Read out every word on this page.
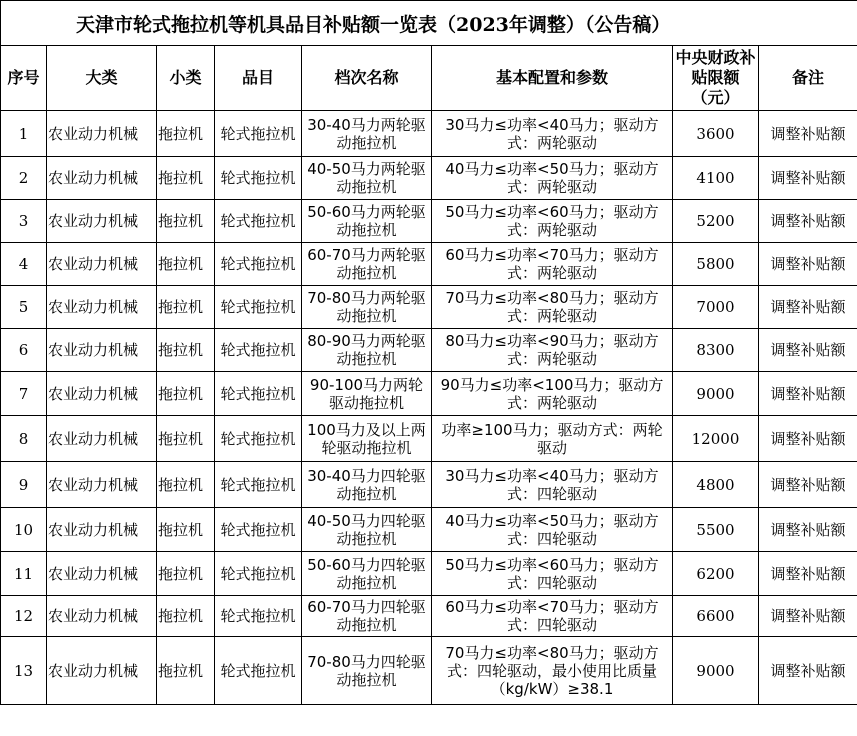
天津市轮式拖拉机等机具品目补贴额一览表（2023年调整）（公告稿）							
序号	大类	小类	品目	档次名称	基本配置和参数	中央财政补贴限额（元）	备注
1	农业动力机械	拖拉机	轮式拖拉机	30-40马力两轮驱动拖拉机	30马力≤功率<40马力；驱动方式：两轮驱动	3600	调整补贴额
2	农业动力机械	拖拉机	轮式拖拉机	40-50马力两轮驱动拖拉机	40马力≤功率<50马力；驱动方式：两轮驱动	4100	调整补贴额
3	农业动力机械	拖拉机	轮式拖拉机	50-60马力两轮驱动拖拉机	50马力≤功率<60马力；驱动方式：两轮驱动	5200	调整补贴额
4	农业动力机械	拖拉机	轮式拖拉机	60-70马力两轮驱动拖拉机	60马力≤功率<70马力；驱动方式：两轮驱动	5800	调整补贴额
5	农业动力机械	拖拉机	轮式拖拉机	70-80马力两轮驱动拖拉机	70马力≤功率<80马力；驱动方式：两轮驱动	7000	调整补贴额
6	农业动力机械	拖拉机	轮式拖拉机	80-90马力两轮驱动拖拉机	80马力≤功率<90马力；驱动方式：两轮驱动	8300	调整补贴额
7	农业动力机械	拖拉机	轮式拖拉机	90-100马力两轮驱动拖拉机	90马力≤功率<100马力；驱动方式：两轮驱动	9000	调整补贴额
8	农业动力机械	拖拉机	轮式拖拉机	100马力及以上两轮驱动拖拉机	功率≥100马力；驱动方式：两轮驱动	12000	调整补贴额
9	农业动力机械	拖拉机	轮式拖拉机	30-40马力四轮驱动拖拉机	30马力≤功率<40马力；驱动方式：四轮驱动	4800	调整补贴额
10	农业动力机械	拖拉机	轮式拖拉机	40-50马力四轮驱动拖拉机	40马力≤功率<50马力；驱动方式：四轮驱动	5500	调整补贴额
11	农业动力机械	拖拉机	轮式拖拉机	50-60马力四轮驱动拖拉机	50马力≤功率<60马力；驱动方式：四轮驱动	6200	调整补贴额
12	农业动力机械	拖拉机	轮式拖拉机	60-70马力四轮驱动拖拉机	60马力≤功率<70马力；驱动方式：四轮驱动	6600	调整补贴额
13	农业动力机械	拖拉机	轮式拖拉机	70-80马力四轮驱动拖拉机	70马力≤功率<80马力；驱动方式：四轮驱动，最小使用比质量（kg/kW）≥38.1	9000	调整补贴额
